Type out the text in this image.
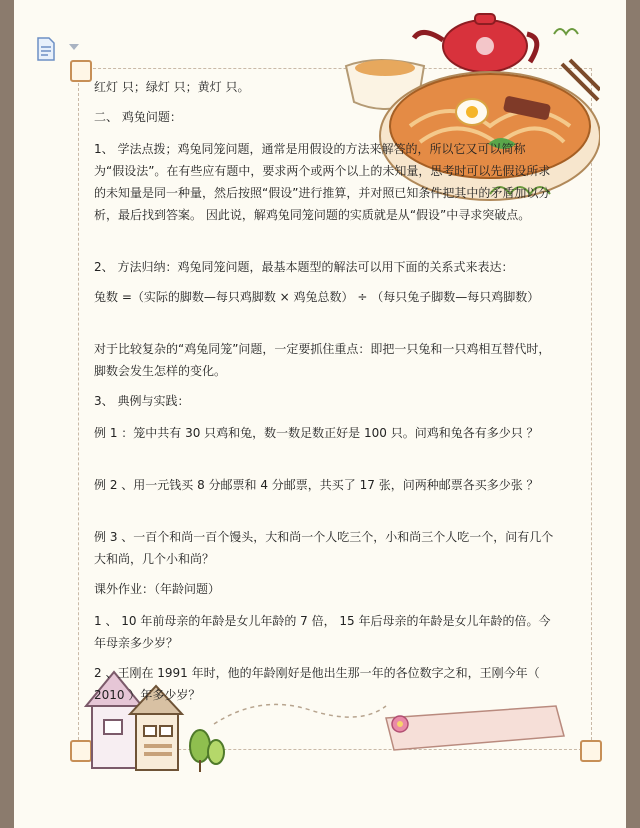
红灯 只；绿灯 只；黄灯 只。

二、 鸡兔问题：

1、 学法点拨；鸡兔同笼问题，通常是用假设的方法来解答的，所以它又可以简称为“假设法”。在有些应有题中，要求两个或两个以上的未知量，思考时可以先假设所求的未知量是同一种量，然后按照“假设”进行推算，并对照已知条件把其中的矛盾加以分析，最后找到答案。 因此说，解鸡兔同笼问题的实质就是从“假设”中寻求突破点。

2、 方法归纳：鸡兔同笼问题，最基本题型的解法可以用下面的关系式来表达：

兔数 =（实际的脚数—每只鸡脚数 × 鸡兔总数） ÷ （每只兔子脚数—每只鸡脚数）

对于比较复杂的“鸡兔同笼”问题，一定要抓住重点：即把一只兔和一只鸡相互替代时，脚数会发生怎样的变化。

3、 典例与实践：

例 1 ：笼中共有 30 只鸡和兔，数一数足数正好是 100 只。问鸡和兔各有多少只 ？

例 2 、用一元钱买 8 分邮票和 4 分邮票，共买了 17 张，问两种邮票各买多少张 ？

例 3 、一百个和尚一百个馒头，大和尚一个人吃三个，小和尚三个人吃一个，问有几个大和尚，几个小和尚？

课外作业：（年龄问题）

1 、 10 年前母亲的年龄是女儿年龄的 7 倍， 15 年后母亲的年龄是女儿年龄的倍。今年母亲多少岁？

2 、王刚在 1991 年时，他的年龄刚好是他出生那一年的各位数字之和，王刚今年（ 2010 ）年多少岁？
